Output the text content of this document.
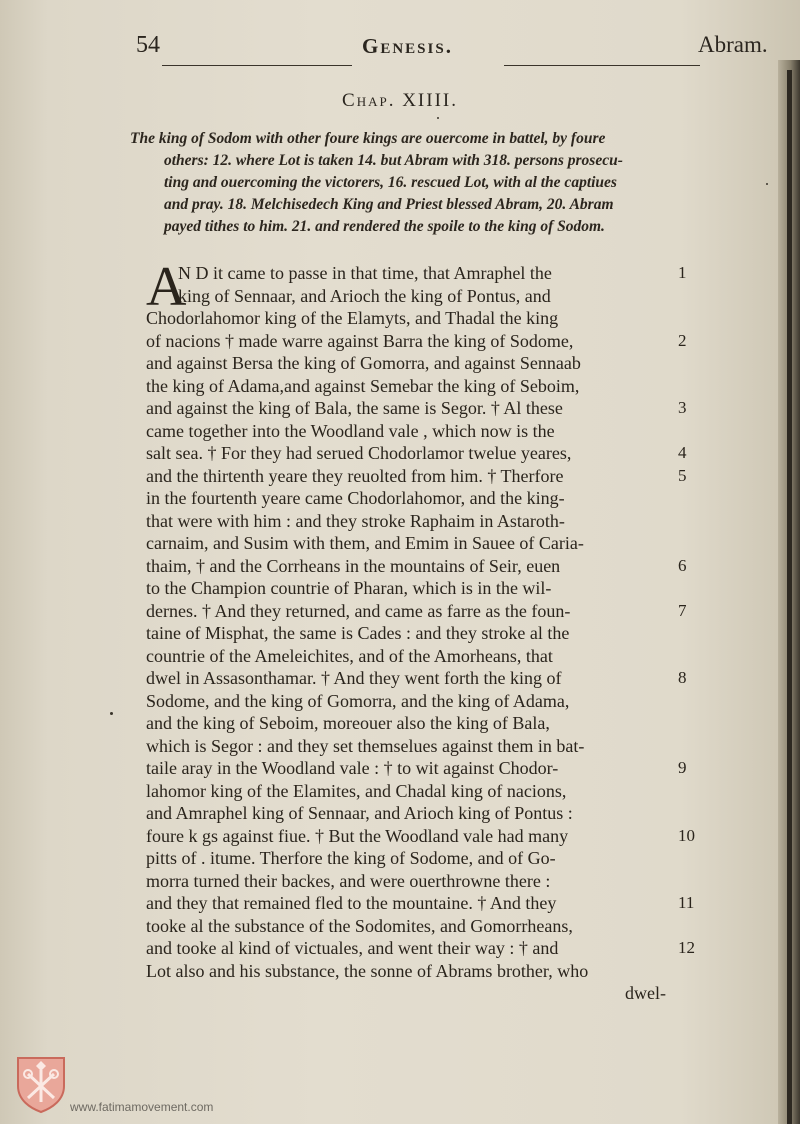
54	Genesis.	Abram.
Chap. XIIII.
The king of Sodom with other foure kings are ouercome in battel, by foure
others: 12. where Lot is taken 14. but Abram with 318. persons prosecu-
ting and ouercoming the victorers, 16. rescued Lot, with al the captiues
and pray. 18. Melchisedech King and Priest blessed Abram, 20. Abram
payed tithes to him. 21. and rendered the spoile to the king of Sodom.
A
N D it came to passe in that time, that Amraphel the
king of Sennaar, and Arioch the king of Pontus, and
Chodorlahomor king of the Elamyts, and Thadal the king
of nacions † made warre against Barra the king of Sodome,
and against Bersa the king of Gomorra, and against Sennaab
the king of Adama,and against Semebar the king of Seboim,
and against the king of Bala, the same is Segor. † Al these
came together into the Woodland vale , which now is the
salt sea. † For they had serued Chodorlamor twelue yeares,
and the thirtenth yeare they reuolted from him. † Therfore
in the fourtenth yeare came Chodorlahomor, and the king-
that were with him : and they stroke Raphaim in Astaroth-
carnaim, and Susim with them, and Emim in Sauee of Caria-
thaim, † and the Corrheans in the mountains of Seir, euen
to the Champion countrie of Pharan, which is in the wil-
dernes. † And they returned, and came as farre as the foun-
taine of Misphat, the same is Cades : and they stroke al the
countrie of the Ameleichites, and of the Amorheans, that
dwel in Assasonthamar. † And they went forth the king of
Sodome, and the king of Gomorra, and the king of Adama,
and the king of Seboim, moreouer also the king of Bala,
which is Segor : and they set themselues against them in bat-
taile aray in the Woodland vale : † to wit against Chodor-
lahomor king of the Elamites, and Chadal king of nacions,
and Amraphel king of Sennaar, and Arioch king of Pontus :
foure k gs against fiue. † But the Woodland vale had many
pitts of . itume. Therfore the king of Sodome, and of Go-
morra turned their backes, and were ouerthrowne there :
and they that remained fled to the mountaine. † And they
tooke al the substance of the Sodomites, and Gomorrheans,
and tooke al kind of victuales, and went their way : † and
Lot also and his substance, the sonne of Abrams brother, who
dwel-
1
2
3
4
5
6
7
8
9
10
11
12
www.fatimamovement.com
